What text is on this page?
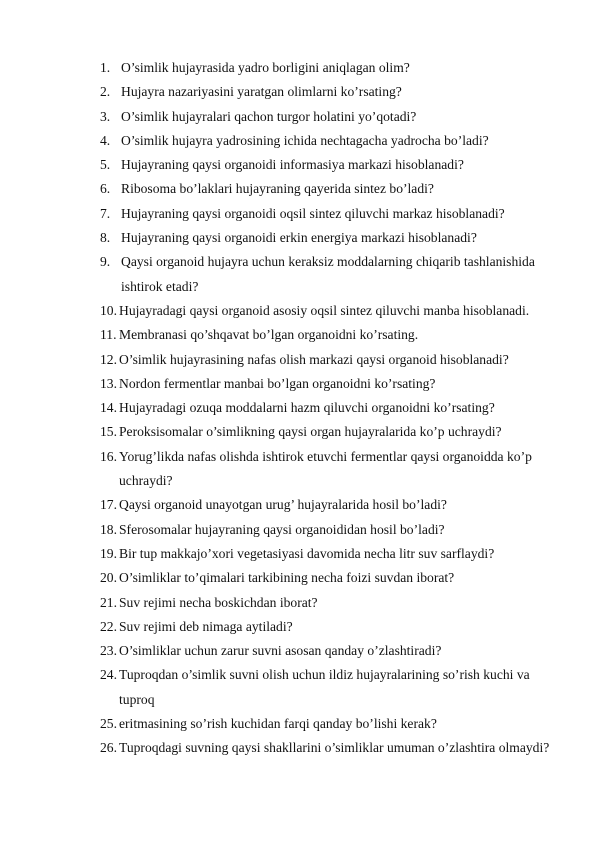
1. O’simlik hujayrasida yadro borligini aniqlagan olim?
2. Hujayra nazariyasini yaratgan olimlarni ko’rsating?
3. O’simlik hujayralari qachon turgor holatini yo’qotadi?
4. O’simlik hujayra yadrosining ichida nechtagacha yadrocha bo’ladi?
5. Hujayraning qaysi organoidi informasiya markazi hisoblanadi?
6. Ribosoma bo’laklari hujayraning qayerida sintez bo’ladi?
7. Hujayraning qaysi organoidi oqsil sintez qiluvchi markaz hisoblanadi?
8. Hujayraning qaysi organoidi erkin energiya markazi hisoblanadi?
9. Qaysi organoid hujayra uchun keraksiz moddalarning chiqarib tashlanishida ishtirok etadi?
10. Hujayradagi qaysi organoid asosiy oqsil sintez qiluvchi manba hisoblanadi.
11. Membranasi qo’shqavat bo’lgan organoidni ko’rsating.
12. O’simlik hujayrasining nafas olish markazi qaysi organoid hisoblanadi?
13. Nordon fermentlar manbai bo’lgan organoidni ko’rsating?
14. Hujayradagi ozuqa moddalarni hazm qiluvchi organoidni ko’rsating?
15. Peroksisomalar o’simlikning qaysi organ hujayralarida ko’p uchraydi?
16. Yorug’likda nafas olishda ishtirok etuvchi fermentlar qaysi organoidda ko’p uchraydi?
17. Qaysi organoid unayotgan urug’ hujayralarida hosil bo’ladi?
18. Sferosomalar hujayraning qaysi organoididan hosil bo’ladi?
19. Bir tup makkajo’xori vegetasiyasi davomida necha litr suv sarflaydi?
20. O’simliklar to’qimalari tarkibining necha foizi suvdan iborat?
21. Suv rejimi necha boskichdan iborat?
22. Suv rejimi deb nimaga aytiladi?
23. O’simliklar uchun zarur suvni asosan qanday o’zlashtiradi?
24. Tuproqdan o’simlik suvni olish uchun ildiz hujayralarining so’rish kuchi va tuproq
25. eritmasining so’rish kuchidan farqi qanday bo’lishi kerak?
26. Tuproqdagi suvning qaysi shakllarini o’simliklar umuman o’zlashtira olmaydi?
